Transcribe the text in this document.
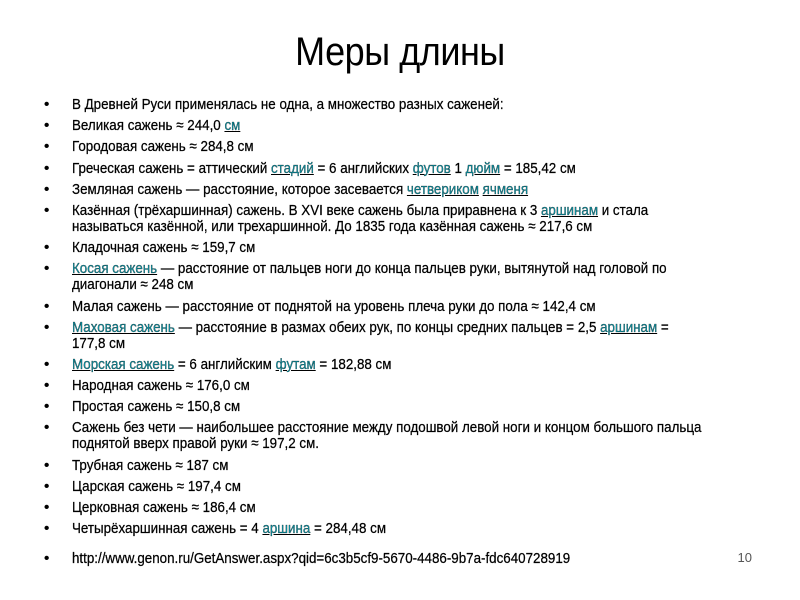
Меры длины
•	В Древней Руси применялась не одна, а множество разных саженей:
•	Великая сажень ≈ 244,0 см
•	Городовая сажень ≈ 284,8 см
•	Греческая сажень = аттический стадий = 6 английских футов 1 дюйм = 185,42 см
•	Земляная сажень — расстояние, которое засевается четвериком ячменя
•	Казённая (трёхаршинная) сажень. В XVI веке сажень была приравнена к 3 аршинам и стала называться казённой, или трехаршинной. До 1835 года казённая сажень ≈ 217,6 см
•	Кладочная сажень ≈ 159,7 см
•	Косая сажень — расстояние от пальцев ноги до конца пальцев руки, вытянутой над головой по диагонали ≈ 248 см
•	Малая сажень — расстояние от поднятой на уровень плеча руки до пола ≈ 142,4 см
•	Маховая сажень — расстояние в размах обеих рук, по концы средних пальцев = 2,5 аршинам = 177,8 см
•	Морская сажень = 6 английским футам = 182,88 см
•	Народная сажень ≈ 176,0 см
•	Простая сажень ≈ 150,8 см
•	Сажень без чети — наибольшее расстояние между подошвой левой ноги и концом большого пальца поднятой вверх правой руки ≈ 197,2 см.
•	Трубная сажень ≈ 187 см
•	Царская сажень ≈ 197,4 см
•	Церковная сажень ≈ 186,4 см
•	Четырёхаршинная сажень = 4 аршина = 284,48 см
•	http://www.genon.ru/GetAnswer.aspx?qid=6c3b5cf9-5670-4486-9b7a-fdc640728919	10
